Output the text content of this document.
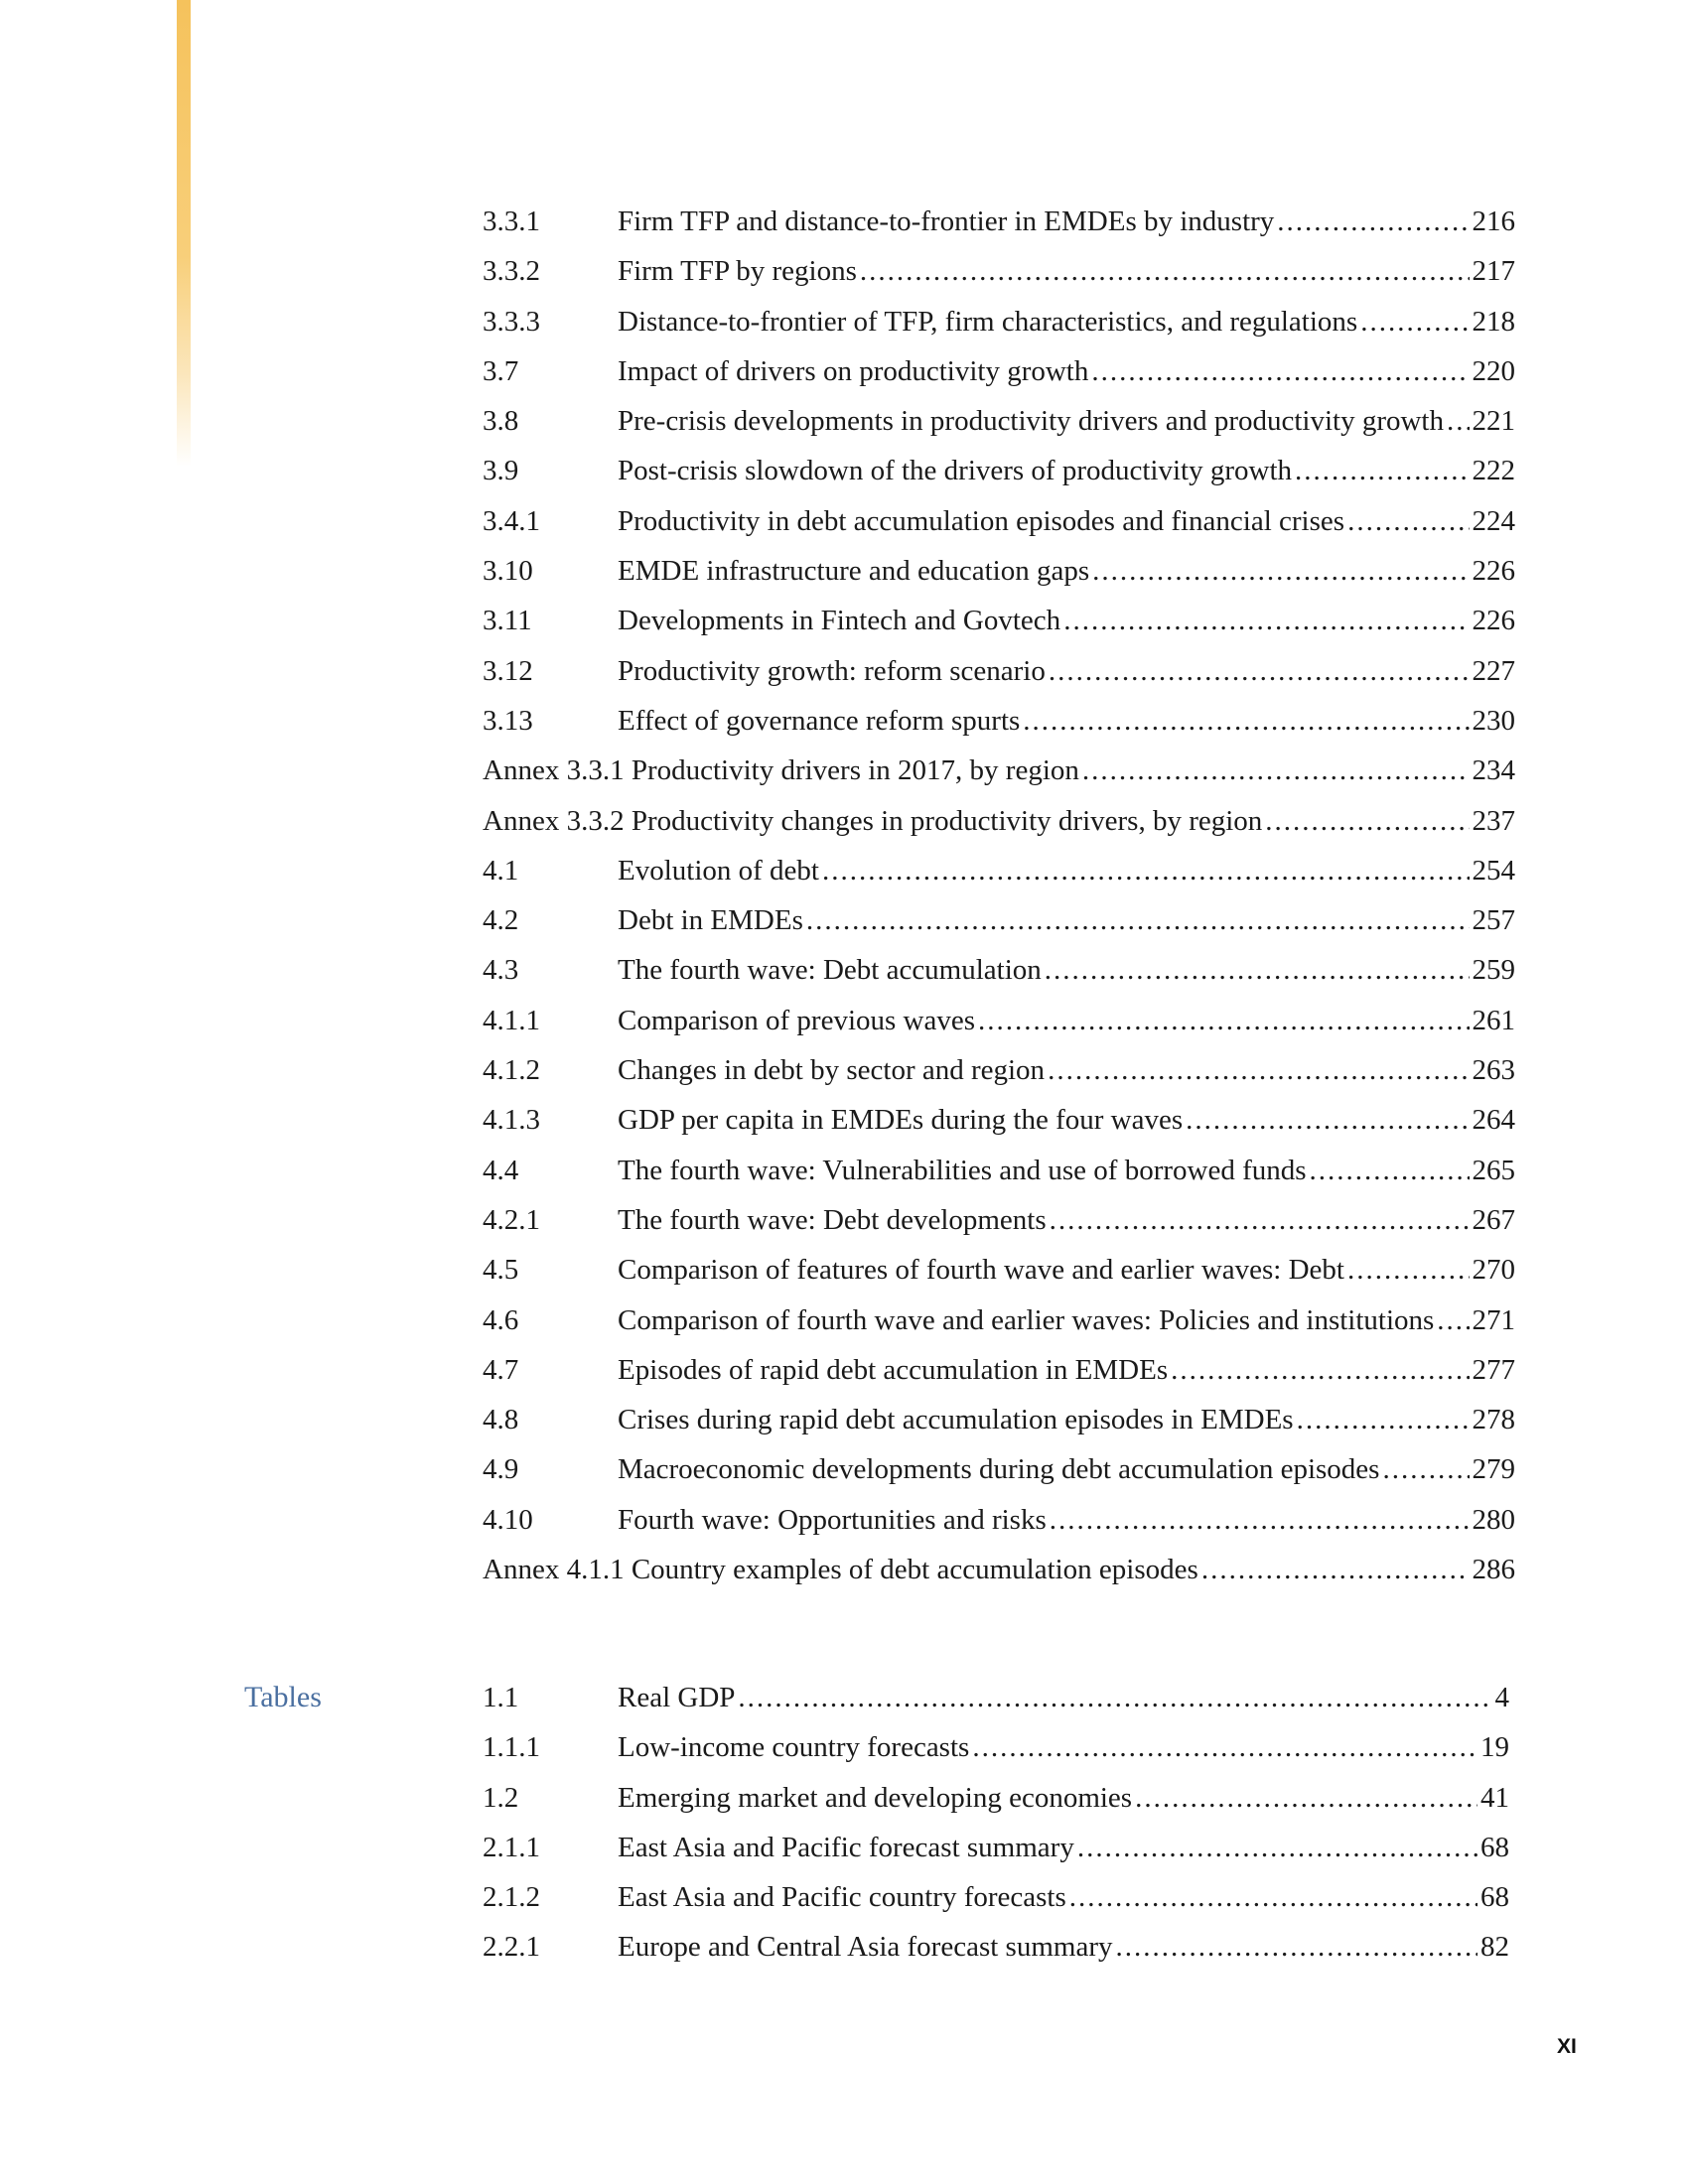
3.3.1	Firm TFP and distance-to-frontier in EMDEs by industry .....	216
3.3.2	Firm TFP by regions .....	217
3.3.3	Distance-to-frontier of TFP, firm characteristics, and regulations .....	218
3.7	Impact of drivers on productivity growth .....	220
3.8	Pre-crisis developments in productivity drivers and productivity growth ..... 221
3.9	Post-crisis slowdown of the drivers of productivity growth .....	222
3.4.1	Productivity in debt accumulation episodes and financial crises .....	224
3.10	EMDE infrastructure and education gaps .....	226
3.11	Developments in Fintech and Govtech .....	226
3.12	Productivity growth: reform scenario .....	227
3.13	Effect of governance reform spurts .....	230
Annex 3.3.1 Productivity drivers in 2017, by region .....	234
Annex 3.3.2 Productivity changes in productivity drivers, by region .....	237
4.1	Evolution of debt .....	254
4.2	Debt in EMDEs .....	257
4.3	The fourth wave: Debt accumulation .....	259
4.1.1	Comparison of previous waves .....	261
4.1.2	Changes in debt by sector and region .....	263
4.1.3	GDP per capita in EMDEs during the four waves .....	264
4.4	The fourth wave: Vulnerabilities and use of borrowed funds .....	265
4.2.1	The fourth wave: Debt developments .....	267
4.5	Comparison of features of fourth wave and earlier waves: Debt .....	270
4.6	Comparison of fourth wave and earlier waves: Policies and institutions ..... 271
4.7	Episodes of rapid debt accumulation in EMDEs .....	277
4.8	Crises during rapid debt accumulation episodes in EMDEs .....	278
4.9	Macroeconomic developments during debt accumulation episodes .....	279
4.10	Fourth wave: Opportunities and risks .....	280
Annex 4.1.1 Country examples of debt accumulation episodes .....	286
Tables	1.1	Real GDP .....	4
1.1.1	Low-income country forecasts .....	19
1.2	Emerging market and developing economies .....	41
2.1.1	East Asia and Pacific forecast summary .....	68
2.1.2	East Asia and Pacific country forecasts .....	68
2.2.1	Europe and Central Asia forecast summary .....	82
XI
